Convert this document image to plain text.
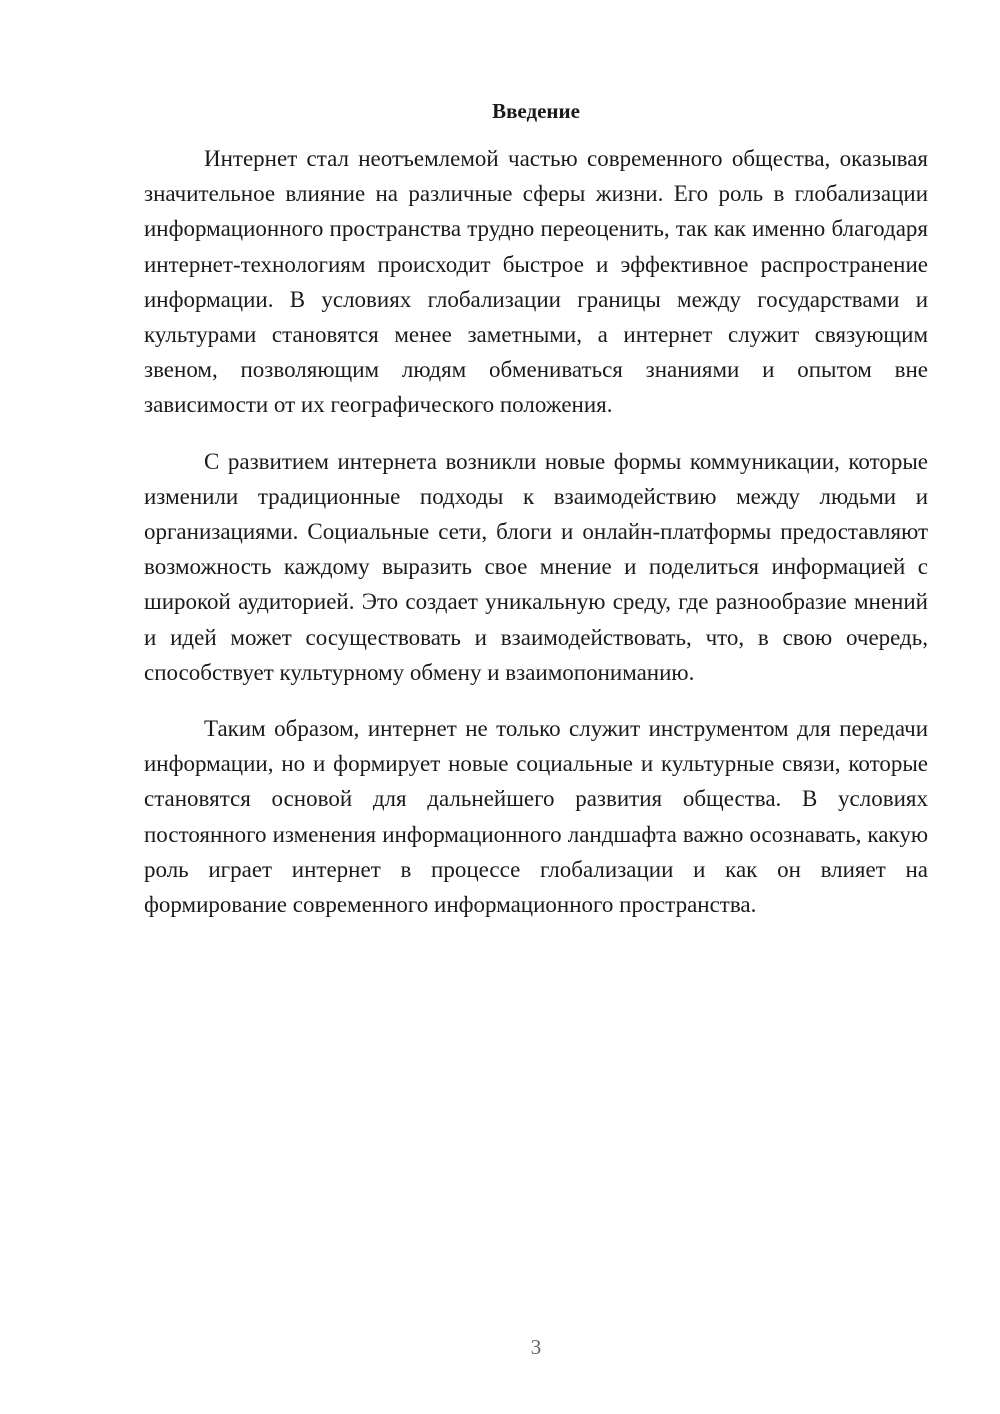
Введение

Интернет стал неотъемлемой частью современного общества, оказывая значительное влияние на различные сферы жизни. Его роль в глобализации информационного пространства трудно переоценить, так как именно благодаря интернет-технологиям происходит быстрое и эффективное распространение информации. В условиях глобализации границы между государствами и культурами становятся менее заметными, а интернет служит связующим звеном, позволяющим людям обмениваться знаниями и опытом вне зависимости от их географического положения.

С развитием интернета возникли новые формы коммуникации, которые изменили традиционные подходы к взаимодействию между людьми и организациями. Социальные сети, блоги и онлайн-платформы предоставляют возможность каждому выразить свое мнение и поделиться информацией с широкой аудиторией. Это создает уникальную среду, где разнообразие мнений и идей может сосуществовать и взаимодействовать, что, в свою очередь, способствует культурному обмену и взаимопониманию.

Таким образом, интернет не только служит инструментом для передачи информации, но и формирует новые социальные и культурные связи, которые становятся основой для дальнейшего развития общества. В условиях постоянного изменения информационного ландшафта важно осознавать, какую роль играет интернет в процессе глобализации и как он влияет на формирование современного информационного пространства.

3
